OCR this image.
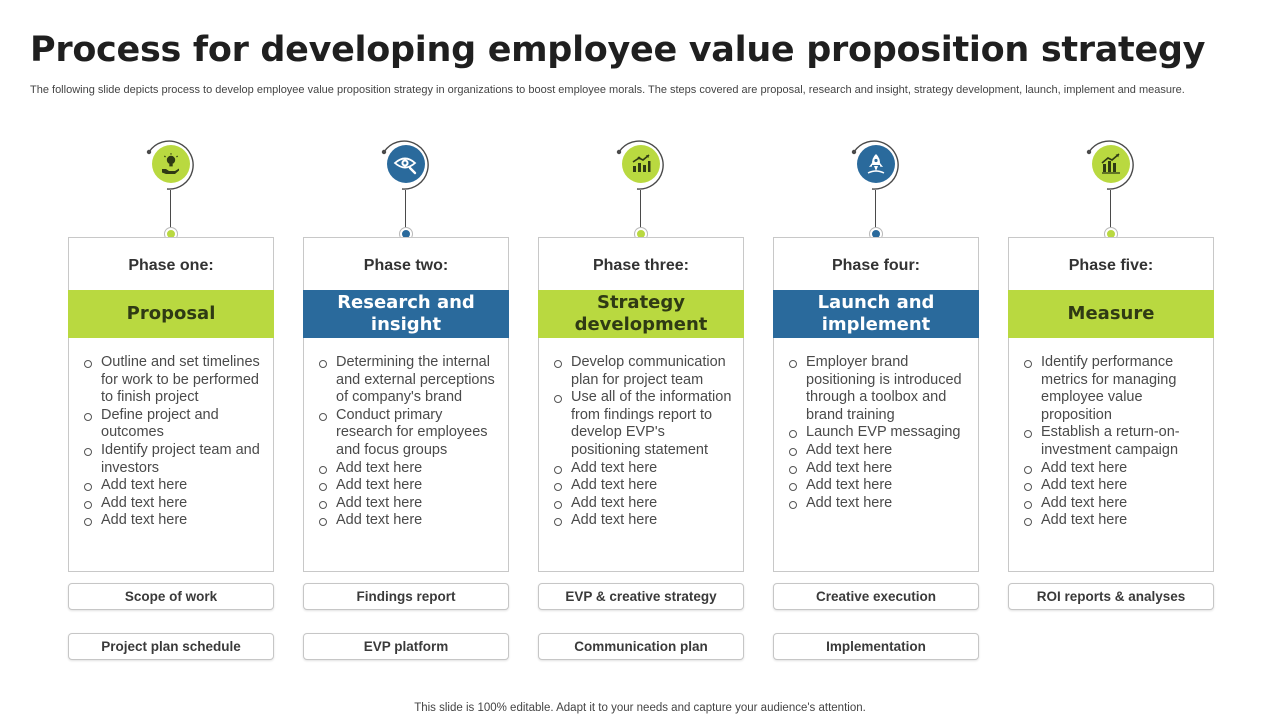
Process for developing employee value proposition strategy
The following slide depicts process to develop employee value proposition strategy in organizations to boost employee morals. The steps covered are proposal, research and insight, strategy development, launch, implement and measure.
Phase one:
Proposal
Outline and set timelines for work to be performed to finish project
Define project and outcomes
Identify project team and investors
Add text here
Add text here
Add text here
Scope of work
Project plan schedule
Phase two:
Research and insight
Determining the internal and external perceptions of company's brand
Conduct primary research for employees and focus groups
Add text here
Add text here
Add text here
Add text here
Findings report
EVP platform
Phase three:
Strategy development
Develop communication plan for project team
Use all of the information from findings report to develop EVP's positioning statement
Add text here
Add text here
Add text here
Add text here
EVP & creative strategy
Communication plan
Phase four:
Launch and implement
Employer brand positioning is introduced through a toolbox and brand training
Launch EVP messaging
Add text here
Add text here
Add text here
Add text here
Creative execution
Implementation
Phase five:
Measure
Identify performance metrics for managing employee value proposition
Establish a return-on-investment campaign
Add text here
Add text here
Add text here
Add text here
ROI reports & analyses
This slide is 100% editable. Adapt it to your needs and capture your audience's attention.
